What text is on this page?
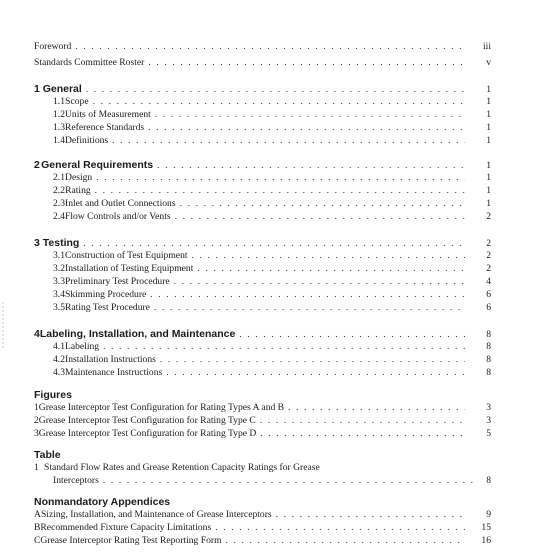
Foreword . . .	iii
Standards Committee Roster . . .	v
1 General . . .	1
1.1 Scope . . .	1
1.2 Units of Measurement . . .	1
1.3 Reference Standards . . .	1
1.4 Definitions . . .	1
2 General Requirements . . .	1
2.1 Design . . .	1
2.2 Rating . . .	1
2.3 Inlet and Outlet Connections . . .	1
2.4 Flow Controls and/or Vents . . .	2
3 Testing . . .	2
3.1 Construction of Test Equipment . . .	2
3.2 Installation of Testing Equipment . . .	2
3.3 Preliminary Test Procedure . . .	4
3.4 Skimming Procedure . . .	6
3.5 Rating Test Procedure . . .	6
4 Labeling, Installation, and Maintenance . . .	8
4.1 Labeling . . .	8
4.2 Installation Instructions . . .	8
4.3 Maintenance Instructions . . .	8
Figures
1 Grease Interceptor Test Configuration for Rating Types A and B . . .	3
2 Grease Interceptor Test Configuration for Rating Type C . . .	3
3 Grease Interceptor Test Configuration for Rating Type D . . .	5
Table
1 Standard Flow Rates and Grease Retention Capacity Ratings for Grease
Interceptors . . .	8
Nonmandatory Appendices
A Sizing, Installation, and Maintenance of Grease Interceptors . . .	9
B Recommended Fixture Capacity Limitations . . .	15
C Grease Interceptor Rating Test Reporting Form . . .	16
